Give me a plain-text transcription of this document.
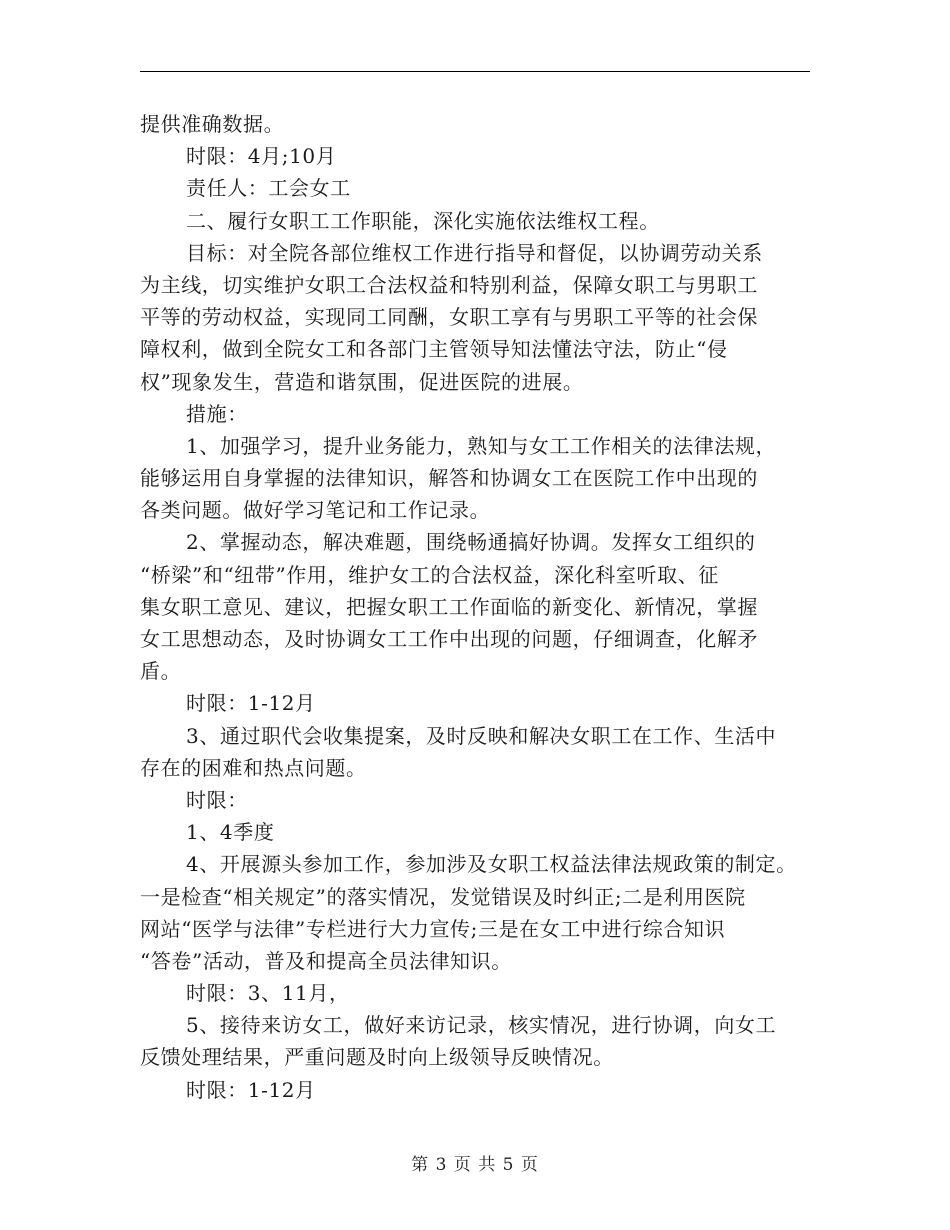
提供准确数据。
时限：4月;10月
责任人：工会女工
二、履行女职工工作职能，深化实施依法维权工程。
目标：对全院各部位维权工作进行指导和督促，以协调劳动关系
为主线，切实维护女职工合法权益和特别利益，保障女职工与男职工
平等的劳动权益，实现同工同酬，女职工享有与男职工平等的社会保
障权利，做到全院女工和各部门主管领导知法懂法守法，防止“侵
权”现象发生，营造和谐氛围，促进医院的进展。
措施：
1、加强学习，提升业务能力，熟知与女工工作相关的法律法规，
能够运用自身掌握的法律知识，解答和协调女工在医院工作中出现的
各类问题。做好学习笔记和工作记录。
2、掌握动态，解决难题，围绕畅通搞好协调。发挥女工组织的
“桥梁”和“纽带”作用，维护女工的合法权益，深化科室听取、征
集女职工意见、建议，把握女职工工作面临的新变化、新情况，掌握
女工思想动态，及时协调女工工作中出现的问题，仔细调查，化解矛
盾。
时限：1-12月
3、通过职代会收集提案，及时反映和解决女职工在工作、生活中
存在的困难和热点问题。
时限：
1、4季度
4、开展源头参加工作，参加涉及女职工权益法律法规政策的制定。
一是检查“相关规定”的落实情况，发觉错误及时纠正;二是利用医院
网站“医学与法律”专栏进行大力宣传;三是在女工中进行综合知识
“答卷”活动，普及和提高全员法律知识。
时限：3、11月，
5、接待来访女工，做好来访记录，核实情况，进行协调，向女工
反馈处理结果，严重问题及时向上级领导反映情况。
时限：1-12月
第 3 页 共 5 页
